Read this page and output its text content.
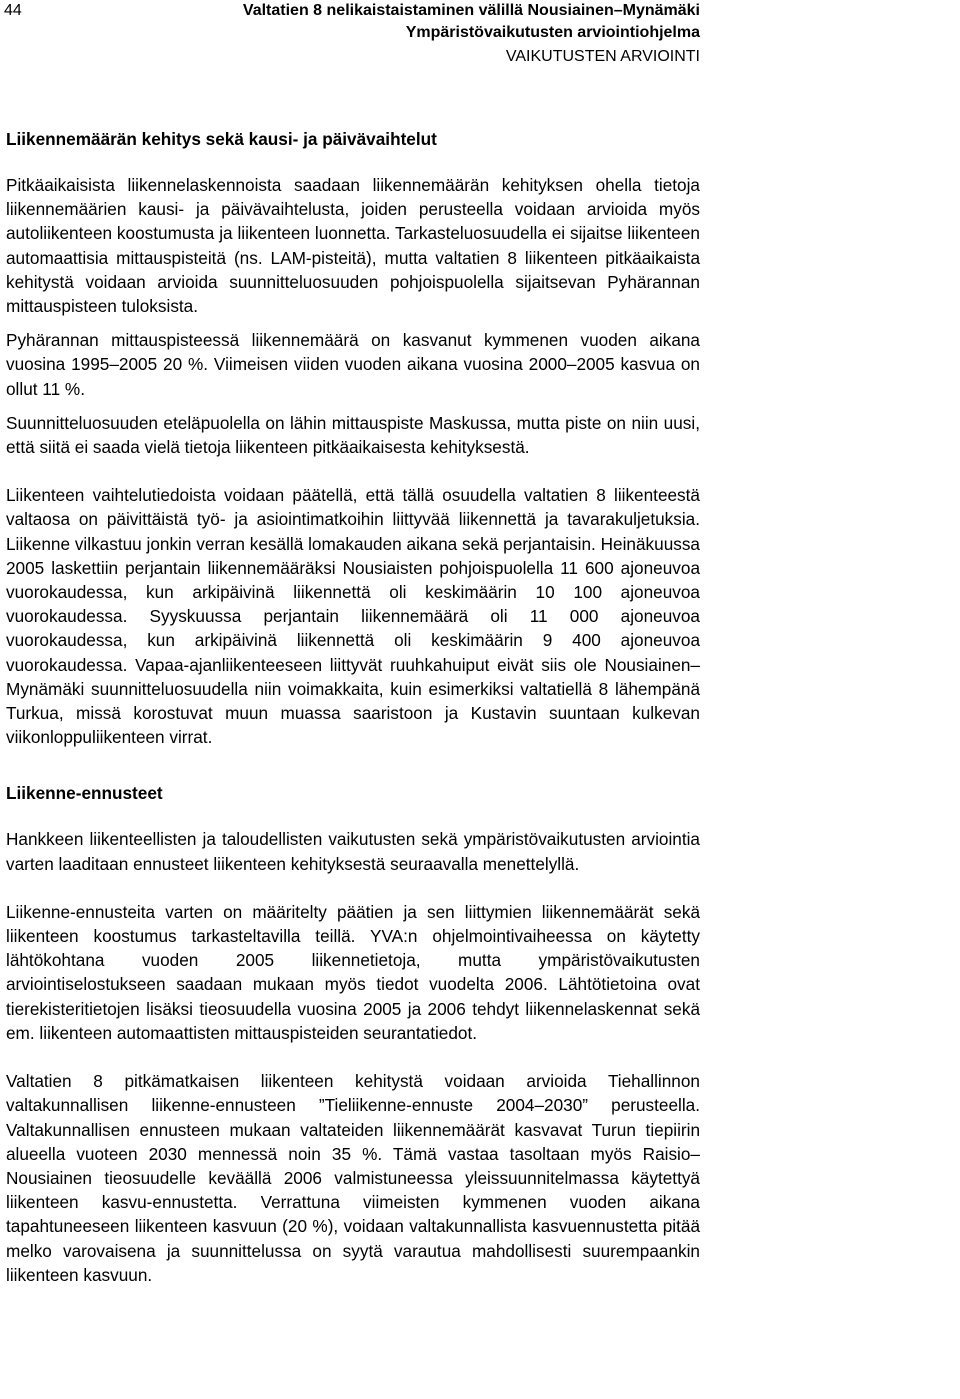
44	Valtatien 8 nelikaistaistaminen välillä Nousiainen–Mynämäki
Ympäristövaikutusten arviointiohjelma
VAIKUTUSTEN ARVIOINTI
Liikennemäärän kehitys sekä kausi- ja päivävaihtelut

Pitkäaikaisista liikennelaskennoista saadaan liikennemäärän kehityksen ohella tietoja liikennemäärien kausi- ja päivävaihtelusta, joiden perusteella voidaan arvioida myös autoliikenteen koostumusta ja liikenteen luonnetta. Tarkasteluosuudella ei sijaitse liikenteen automaattisia mittauspisteitä (ns. LAM-pisteitä), mutta valtatien 8 liikenteen pitkäaikaista kehitystä voidaan arvioida suunnitteluosuuden pohjoispuolella sijaitsevan Pyhärannan mittauspisteen tuloksista.

Pyhärannan mittauspisteessä liikennemäärä on kasvanut kymmenen vuoden aikana vuosina 1995–2005 20 %. Viimeisen viiden vuoden aikana vuosina 2000–2005 kasvua on ollut 11 %.

Suunnitteluosuuden eteläpuolella on lähin mittauspiste Maskussa, mutta piste on niin uusi, että siitä ei saada vielä tietoja liikenteen pitkäaikaisesta kehityksestä.

Liikenteen vaihtelutiedoista voidaan päätellä, että tällä osuudella valtatien 8 liikenteestä valtaosa on päivittäistä työ- ja asiointimatkoihin liittyvää liikennettä ja tavarakuljetuksia. Liikenne vilkastuu jonkin verran kesällä lomakauden aikana sekä perjantaisin. Heinäkuussa 2005 laskettiin perjantain liikennemääräksi Nousiaisten pohjoispuolella 11 600 ajoneuvoa vuorokaudessa, kun arkipäivinä liikennettä oli keskimäärin 10 100 ajoneuvoa vuorokaudessa. Syyskuussa perjantain liikennemäärä oli 11 000 ajoneuvoa vuorokaudessa, kun arkipäivinä liikennettä oli keskimäärin 9 400 ajoneuvoa vuorokaudessa. Vapaa-ajanliikenteeseen liittyvät ruuhkahuiput eivät siis ole Nousiainen–Mynämäki suunnitteluosuudella niin voimakkaita, kuin esimerkiksi valtatiellä 8 lähempänä Turkua, missä korostuvat muun muassa saaristoon ja Kustavin suuntaan kulkevan viikonloppuliikenteen virrat.

Liikenne-ennusteet

Hankkeen liikenteellisten ja taloudellisten vaikutusten sekä ympäristövaikutusten arviointia varten laaditaan ennusteet liikenteen kehityksestä seuraavalla menettelyllä.

Liikenne-ennusteita varten on määritelty päätien ja sen liittymien liikennemäärät sekä liikenteen koostumus tarkasteltavilla teillä. YVA:n ohjelmointivaiheessa on käytetty lähtökohtana vuoden 2005 liikennetietoja, mutta ympäristövaikutusten arviointiselostukseen saadaan mukaan myös tiedot vuodelta 2006. Lähtötietoina ovat tierekisteritietojen lisäksi tieosuudella vuosina 2005 ja 2006 tehdyt liikennelaskennat sekä em. liikenteen automaattisten mittauspisteiden seurantatiedot.

Valtatien 8 pitkämatkaisen liikenteen kehitystä voidaan arvioida Tiehallinnon valtakunnallisen liikenne-ennusteen ”Tieliikenne-ennuste 2004–2030” perusteella. Valtakunnallisen ennusteen mukaan valtateiden liikennemäärät kasvavat Turun tiepiirin alueella vuoteen 2030 mennessä noin 35 %. Tämä vastaa tasoltaan myös Raisio–Nousiainen tieosuudelle keväällä 2006 valmistuneessa yleissuunnitelmassa käytettyä liikenteen kasvu-ennustetta. Verrattuna viimeisten kymmenen vuoden aikana tapahtuneeseen liikenteen kasvuun (20 %), voidaan valtakunnallista kasvuennustetta pitää melko varovaisena ja suunnittelussa on syytä varautua mahdollisesti suurempaankin liikenteen kasvuun.
